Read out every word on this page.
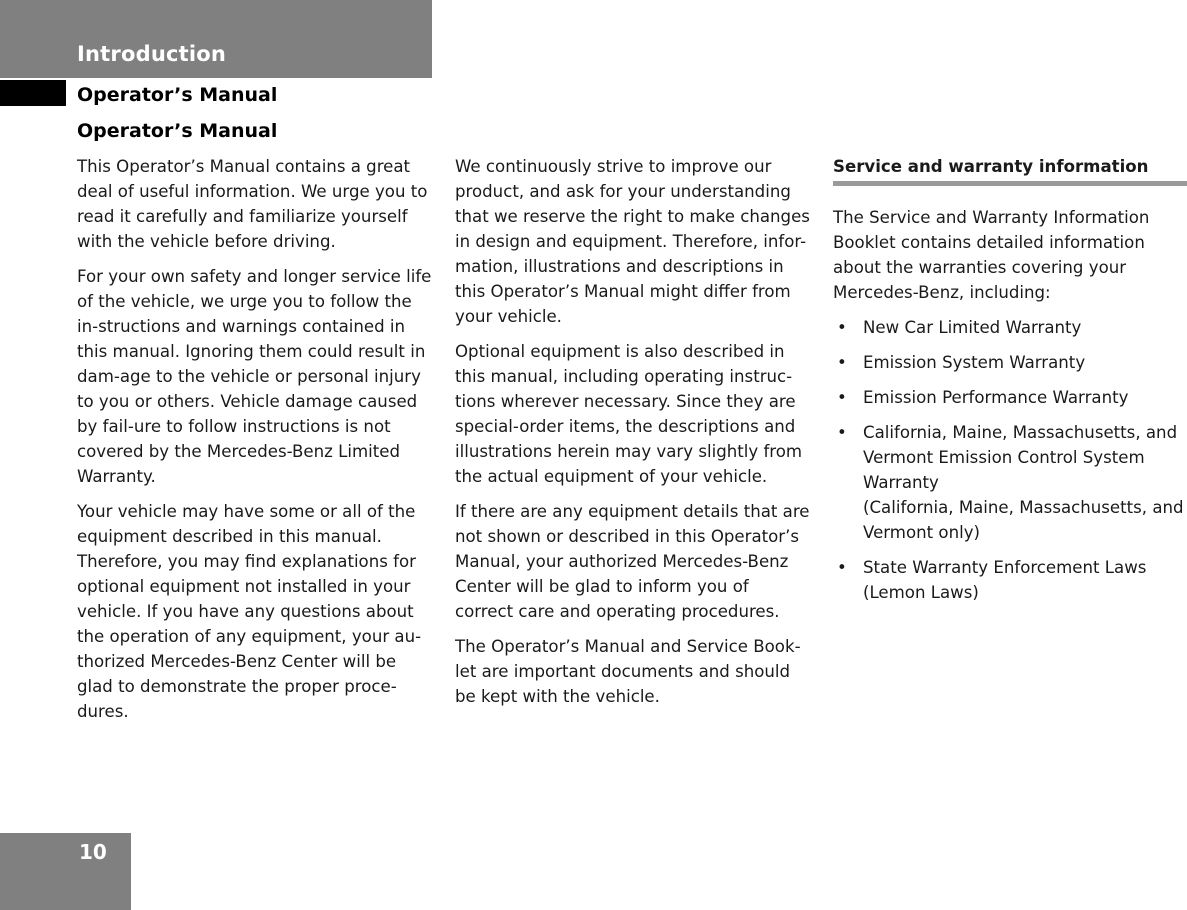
Introduction
Operator’s Manual
Operator’s Manual

This Operator’s Manual contains a great deal of useful information. We urge you to read it carefully and familiarize yourself with the vehicle before driving.

For your own safety and longer service life of the vehicle, we urge you to follow the in-structions and warnings contained in this manual. Ignoring them could result in dam-age to the vehicle or personal injury to you or others. Vehicle damage caused by fail-ure to follow instructions is not covered by the Mercedes-Benz Limited Warranty.

Your vehicle may have some or all of the equipment described in this manual. Therefore, you may find explanations for optional equipment not installed in your vehicle. If you have any questions about the operation of any equipment, your au-thorized Mercedes-Benz Center will be glad to demonstrate the proper proce-dures.

We continuously strive to improve our product, and ask for your understanding that we reserve the right to make changes in design and equipment. Therefore, infor-mation, illustrations and descriptions in this Operator’s Manual might differ from your vehicle.

Optional equipment is also described in this manual, including operating instruc-tions wherever necessary. Since they are special-order items, the descriptions and illustrations herein may vary slightly from the actual equipment of your vehicle.

If there are any equipment details that are not shown or described in this Operator’s Manual, your authorized Mercedes-Benz Center will be glad to inform you of correct care and operating procedures.

The Operator’s Manual and Service Book-let are important documents and should be kept with the vehicle.

Service and warranty information

The Service and Warranty Information Booklet contains detailed information about the warranties covering your Mercedes-Benz, including:

• New Car Limited Warranty
• Emission System Warranty
• Emission Performance Warranty
• California, Maine, Massachusetts, and Vermont Emission Control System Warranty
(California, Maine, Massachusetts, and Vermont only)
• State Warranty Enforcement Laws (Lemon Laws)
10
